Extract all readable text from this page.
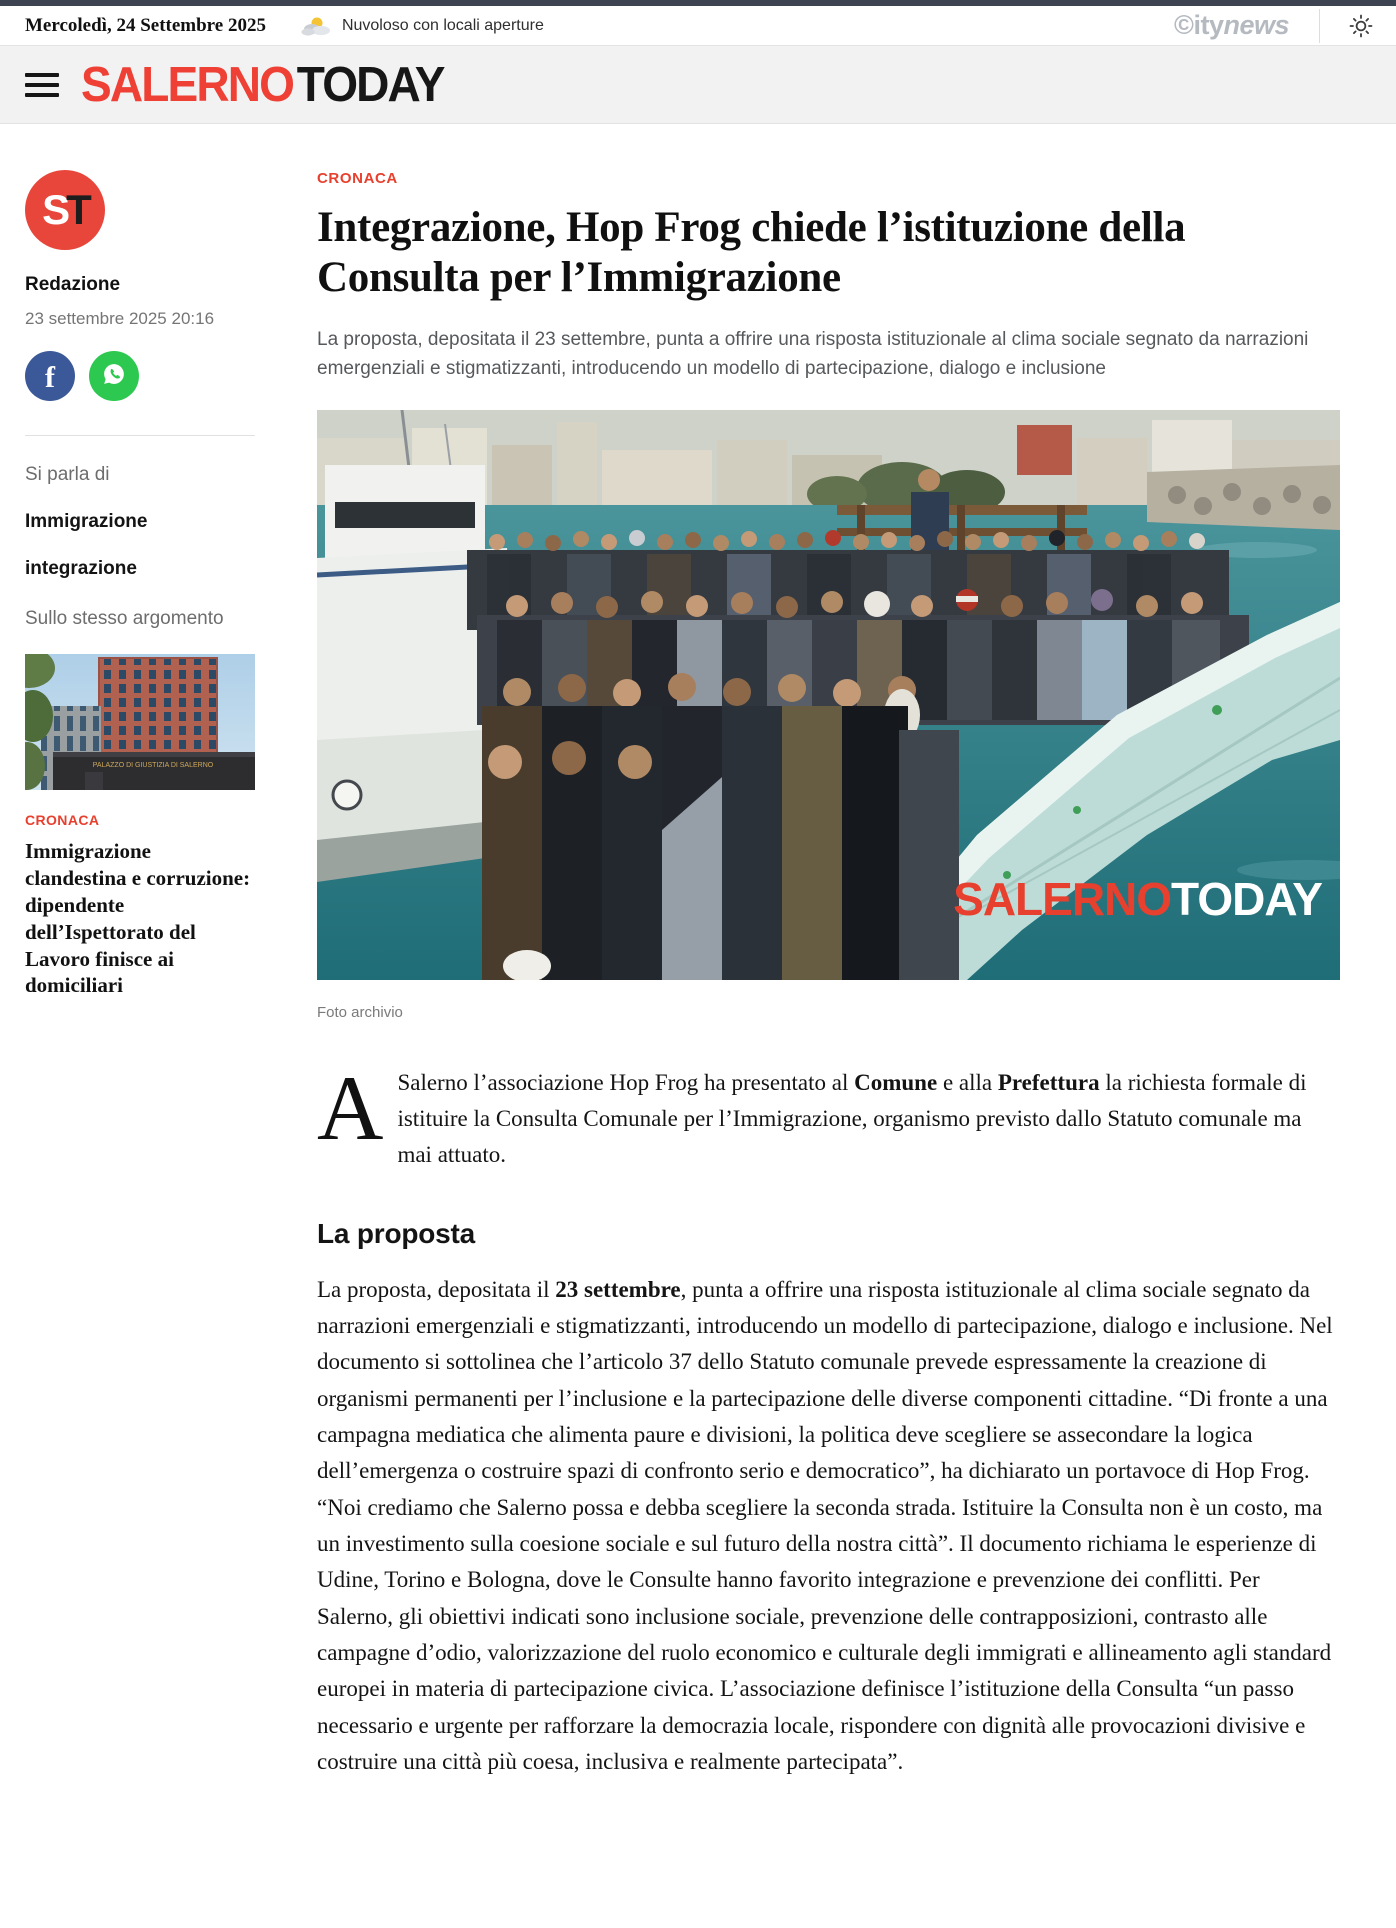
Mercoledì, 24 Settembre 2025	Nuvoloso con locali aperture	©itynews
SALERNOTODAY
S T
Redazione
23 settembre 2025 20:16
f
Si parla di
Immigrazione
integrazione
Sullo stesso argomento
PALAZZO DI GIUSTIZIA DI SALERNO
CRONACA
Immigrazione clandestina e corruzione: dipendente dell’Ispettorato del Lavoro finisce ai domiciliari
CRONACA
Integrazione, Hop Frog chiede l’istituzione della Consulta per l’Immigrazione

La proposta, depositata il 23 settembre, punta a offrire una risposta istituzionale al clima sociale segnato da narrazioni emergenziali e stigmatizzanti, introducendo un modello di partecipazione, dialogo e inclusione

SALERNOTODAY
Foto archivio

A Salerno l’associazione Hop Frog ha presentato al Comune e alla Prefettura la richiesta formale di istituire la Consulta Comunale per l’Immigrazione, organismo previsto dallo Statuto comunale ma mai attuato.

La proposta

La proposta, depositata il 23 settembre, punta a offrire una risposta istituzionale al clima sociale segnato da narrazioni emergenziali e stigmatizzanti, introducendo un modello di partecipazione, dialogo e inclusione. Nel documento si sottolinea che l’articolo 37 dello Statuto comunale prevede espressamente la creazione di organismi permanenti per l’inclusione e la partecipazione delle diverse componenti cittadine. “Di fronte a una campagna mediatica che alimenta paure e divisioni, la politica deve scegliere se assecondare la logica dell’emergenza o costruire spazi di confronto serio e democratico”, ha dichiarato un portavoce di Hop Frog. “Noi crediamo che Salerno possa e debba scegliere la seconda strada. Istituire la Consulta non è un costo, ma un investimento sulla coesione sociale e sul futuro della nostra città”. Il documento richiama le esperienze di Udine, Torino e Bologna, dove le Consulte hanno favorito integrazione e prevenzione dei conflitti. Per Salerno, gli obiettivi indicati sono inclusione sociale, prevenzione delle contrapposizioni, contrasto alle campagne d’odio, valorizzazione del ruolo economico e culturale degli immigrati e allineamento agli standard europei in materia di partecipazione civica. L’associazione definisce l’istituzione della Consulta “un passo necessario e urgente per rafforzare la democrazia locale, rispondere con dignità alle provocazioni divisive e costruire una città più coesa, inclusiva e realmente partecipata”.
